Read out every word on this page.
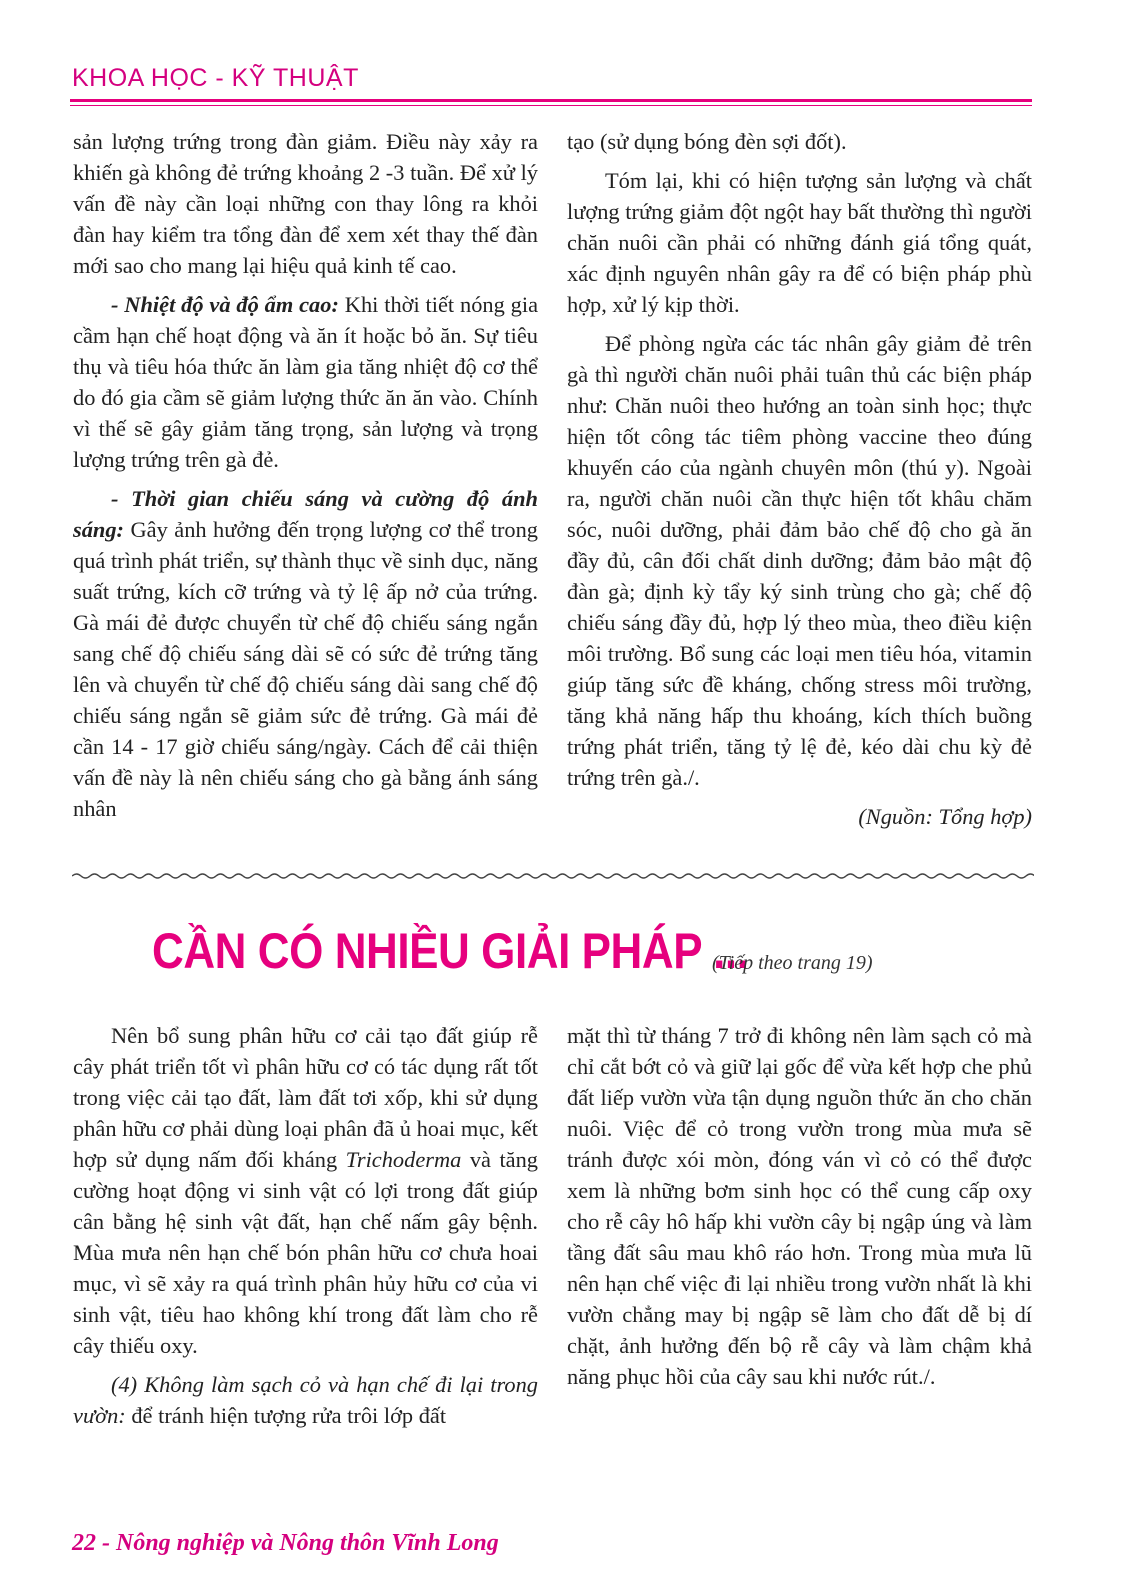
KHOA HỌC - KỸ THUẬT

sản lượng trứng trong đàn giảm. Điều này xảy ra khiến gà không đẻ trứng khoảng 2 -3 tuần. Để xử lý vấn đề này cần loại những con thay lông ra khỏi đàn hay kiểm tra tổng đàn để xem xét thay thế đàn mới sao cho mang lại hiệu quả kinh tế cao.

- Nhiệt độ và độ ẩm cao: Khi thời tiết nóng gia cầm hạn chế hoạt động và ăn ít hoặc bỏ ăn. Sự tiêu thụ và tiêu hóa thức ăn làm gia tăng nhiệt độ cơ thể do đó gia cầm sẽ giảm lượng thức ăn ăn vào. Chính vì thế sẽ gây giảm tăng trọng, sản lượng và trọng lượng trứng trên gà đẻ.

- Thời gian chiếu sáng và cường độ ánh sáng: Gây ảnh hưởng đến trọng lượng cơ thể trong quá trình phát triển, sự thành thục về sinh dục, năng suất trứng, kích cỡ trứng và tỷ lệ ấp nở của trứng. Gà mái đẻ được chuyển từ chế độ chiếu sáng ngắn sang chế độ chiếu sáng dài sẽ có sức đẻ trứng tăng lên và chuyển từ chế độ chiếu sáng dài sang chế độ chiếu sáng ngắn sẽ giảm sức đẻ trứng. Gà mái đẻ cần 14 - 17 giờ chiếu sáng/ngày. Cách để cải thiện vấn đề này là nên chiếu sáng cho gà bằng ánh sáng nhân

tạo (sử dụng bóng đèn sợi đốt).

Tóm lại, khi có hiện tượng sản lượng và chất lượng trứng giảm đột ngột hay bất thường thì người chăn nuôi cần phải có những đánh giá tổng quát, xác định nguyên nhân gây ra để có biện pháp phù hợp, xử lý kịp thời.

Để phòng ngừa các tác nhân gây giảm đẻ trên gà thì người chăn nuôi phải tuân thủ các biện pháp như: Chăn nuôi theo hướng an toàn sinh học; thực hiện tốt công tác tiêm phòng vaccine theo đúng khuyến cáo của ngành chuyên môn (thú y). Ngoài ra, người chăn nuôi cần thực hiện tốt khâu chăm sóc, nuôi dưỡng, phải đảm bảo chế độ cho gà ăn đầy đủ, cân đối chất dinh dưỡng; đảm bảo mật độ đàn gà; định kỳ tẩy ký sinh trùng cho gà; chế độ chiếu sáng đầy đủ, hợp lý theo mùa, theo điều kiện môi trường. Bổ sung các loại men tiêu hóa, vitamin giúp tăng sức đề kháng, chống stress môi trường, tăng khả năng hấp thu khoáng, kích thích buồng trứng phát triển, tăng tỷ lệ đẻ, kéo dài chu kỳ đẻ trứng trên gà./.

(Nguồn: Tổng hợp)

CẦN CÓ NHIỀU GIẢI PHÁP ...
(Tiếp theo trang 19)

Nên bổ sung phân hữu cơ cải tạo đất giúp rễ cây phát triển tốt vì phân hữu cơ có tác dụng rất tốt trong việc cải tạo đất, làm đất tơi xốp, khi sử dụng phân hữu cơ phải dùng loại phân đã ủ hoai mục, kết hợp sử dụng nấm đối kháng Trichoderma và tăng cường hoạt động vi sinh vật có lợi trong đất giúp cân bằng hệ sinh vật đất, hạn chế nấm gây bệnh. Mùa mưa nên hạn chế bón phân hữu cơ chưa hoai mục, vì sẽ xảy ra quá trình phân hủy hữu cơ của vi sinh vật, tiêu hao không khí trong đất làm cho rễ cây thiếu oxy.

(4) Không làm sạch cỏ và hạn chế đi lại trong vườn: để tránh hiện tượng rửa trôi lớp đất

mặt thì từ tháng 7 trở đi không nên làm sạch cỏ mà chỉ cắt bớt cỏ và giữ lại gốc để vừa kết hợp che phủ đất liếp vườn vừa tận dụng nguồn thức ăn cho chăn nuôi. Việc để cỏ trong vườn trong mùa mưa sẽ tránh được xói mòn, đóng ván vì cỏ có thể được xem là những bơm sinh học có thể cung cấp oxy cho rễ cây hô hấp khi vườn cây bị ngập úng và làm tầng đất sâu mau khô ráo hơn. Trong mùa mưa lũ nên hạn chế việc đi lại nhiều trong vườn nhất là khi vườn chẳng may bị ngập sẽ làm cho đất dễ bị dí chặt, ảnh hưởng đến bộ rễ cây và làm chậm khả năng phục hồi của cây sau khi nước rút./.

22 - Nông nghiệp và Nông thôn Vĩnh Long
